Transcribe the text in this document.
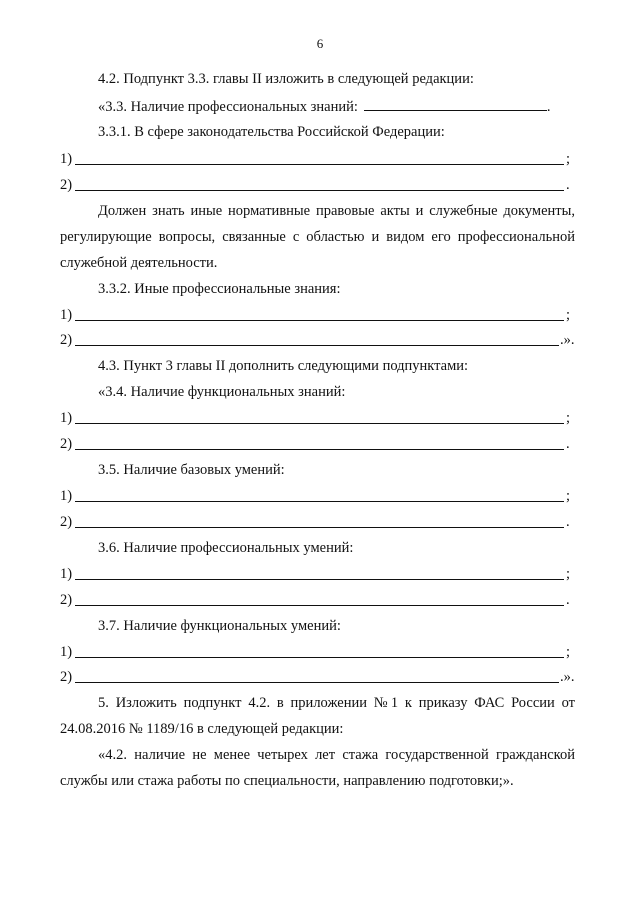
6
4.2. Подпункт 3.3. главы II изложить в следующей редакции:
«3.3. Наличие профессиональных знаний:	.
3.3.1. В сфере законодательства Российской Федерации:
1)	;
2)	.
Должен знать иные нормативные правовые акты и служебные документы,
регулирующие вопросы, связанные с областью и видом его профессиональной
служебной деятельности.
3.3.2. Иные профессиональные знания:
1)	;
2)	.».
4.3. Пункт 3 главы II дополнить следующими подпунктами:
«3.4. Наличие функциональных знаний:
1)	;
2)	.
3.5. Наличие базовых умений:
1)	;
2)	.
3.6. Наличие профессиональных умений:
1)	;
2)	.
3.7. Наличие функциональных умений:
1)	;
2)	.».
5. Изложить подпункт 4.2. в приложении №1 к приказу ФАС России от
24.08.2016 № 1189/16 в следующей редакции:
«4.2. наличие не менее четырех лет стажа государственной гражданской
службы или стажа работы по специальности, направлению подготовки;».
